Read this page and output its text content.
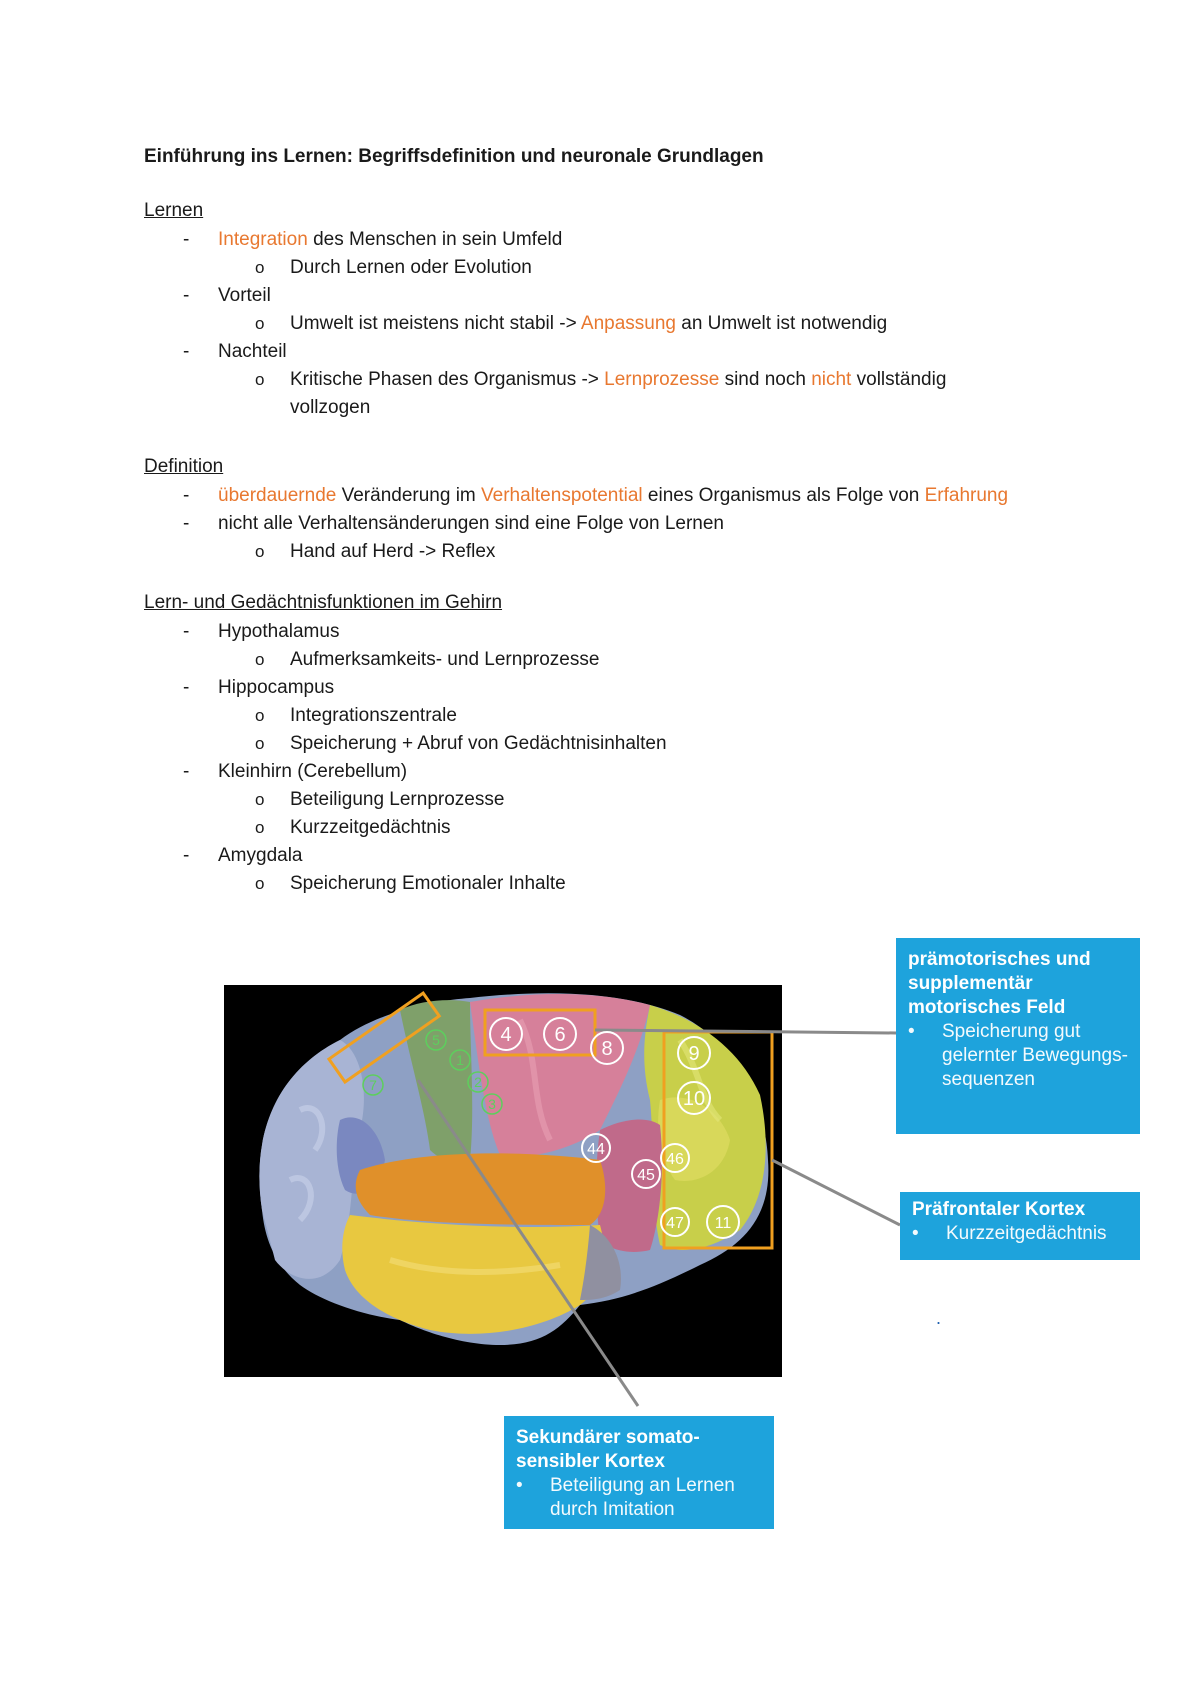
Einführung ins Lernen: Begriffsdefinition und neuronale Grundlagen
Lernen
- Integration des Menschen in sein Umfeld
o Durch Lernen oder Evolution
- Vorteil
o Umwelt ist meistens nicht stabil -> Anpassung an Umwelt ist notwendig
- Nachteil
o Kritische Phasen des Organismus -> Lernprozesse sind noch nicht vollständig
vollzogen
Definition
- überdauernde Veränderung im Verhaltenspotential eines Organismus als Folge von Erfahrung
- nicht alle Verhaltensänderungen sind eine Folge von Lernen
o Hand auf Herd -> Reflex
Lern- und Gedächtnisfunktionen im Gehirn
- Hypothalamus
o Aufmerksamkeits- und Lernprozesse
- Hippocampus
o Integrationszentrale
o Speicherung + Abruf von Gedächtnisinhalten
- Kleinhirn (Cerebellum)
o Beteiligung Lernprozesse
o Kurzzeitgedächtnis
- Amygdala
o Speicherung Emotionaler Inhalte
5
1
2
3
7
4 6
8	9
10
44
45
46
47 11
prämotorisches und supplementär motorisches Feld
• Speicherung gut gelernter Bewegungs-sequenzen
Präfrontaler Kortex
• Kurzzeitgedächtnis
Sekundärer somato-sensibler Kortex
• Beteiligung an Lernen durch Imitation
.
